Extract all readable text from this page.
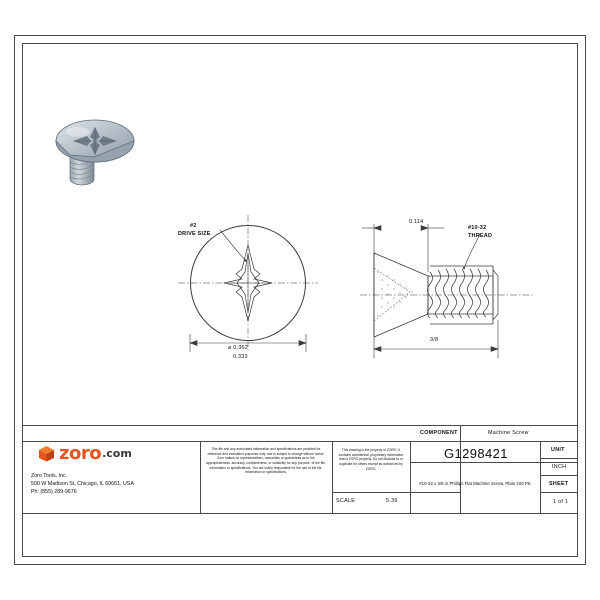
#2
DRIVE SIZE
⌀ 0.362
0.333
0.114
#10-32
THREAD
3/8
zoro .com
Zoro Tools, Inc.
500 W Madison St, Chicago, IL 60661, USA
Ph: (855) 289-9676
This file and any associated information and specifications are provided for reference and evaluation purposes only, and is subject to change without notice. Zoro makes no representations, warranties or guarantees as to the appropriateness, accuracy, completeness, or suitability for any purpose, of the file, information or specifications. You are solely responsible for the use of the file, information or specifications.
This drawing is the property of ZORO. It contains confidential, proprietary information that is ZORO property. Do not disclose to or duplicate for others except as authorized by ZORO.
SCALE	5.39
COMPONENT	Machine Screw
G1298421
#10-32 x 3/8 in Phillips Flat Machine Screw, Plain 100 PK
UNIT
INCH
SHEET
1 of 1
